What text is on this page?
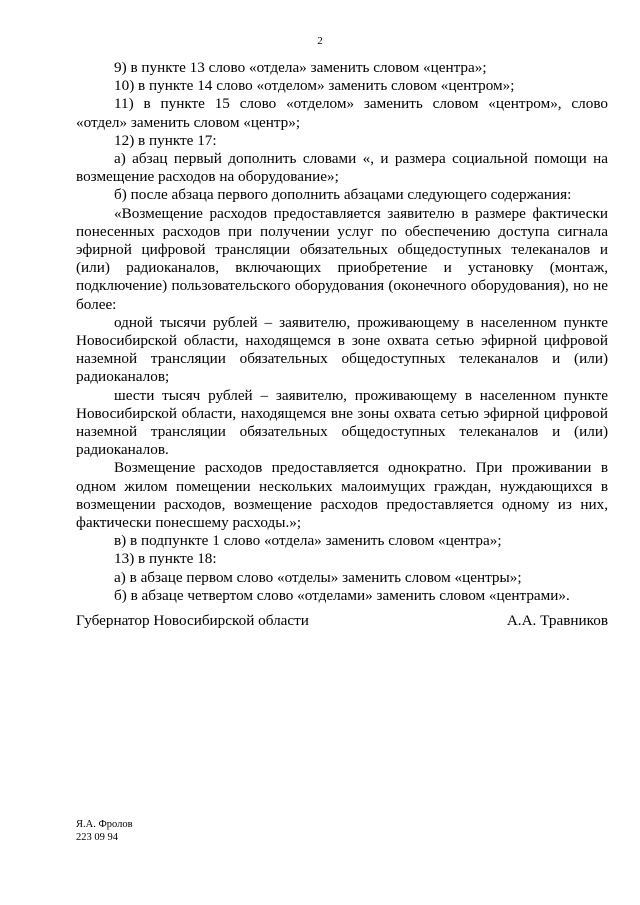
2

9) в пункте 13 слово «отдела» заменить словом «центра»;

10) в пункте 14 слово «отделом» заменить словом «центром»;

11) в пункте 15 слово «отделом» заменить словом «центром», слово «отдел» заменить словом «центр»;

12) в пункте 17:

а) абзац первый дополнить словами «, и размера социальной помощи на возмещение расходов на оборудование»;

б) после абзаца первого дополнить абзацами следующего содержания:

«Возмещение расходов предоставляется заявителю в размере фактически понесенных расходов при получении услуг по обеспечению доступа сигнала эфирной цифровой трансляции обязательных общедоступных телеканалов и (или) радиоканалов, включающих приобретение и установку (монтаж, подключение) пользовательского оборудования (оконечного оборудования), но не более:

одной тысячи рублей – заявителю, проживающему в населенном пункте Новосибирской области, находящемся в зоне охвата сетью эфирной цифровой наземной трансляции обязательных общедоступных телеканалов и (или) радиоканалов;

шести тысяч рублей – заявителю, проживающему в населенном пункте Новосибирской области, находящемся вне зоны охвата сетью эфирной цифровой наземной трансляции обязательных общедоступных телеканалов и (или) радиоканалов.

Возмещение расходов предоставляется однократно. При проживании в одном жилом помещении нескольких малоимущих граждан, нуждающихся в возмещении расходов, возмещение расходов предоставляется одному из них, фактически понесшему расходы.»;

в) в подпункте 1 слово «отдела» заменить словом «центра»;

13) в пункте 18:

а) в абзаце первом слово «отделы» заменить словом «центры»;

б) в абзаце четвертом слово «отделами» заменить словом «центрами».

Губернатор Новосибирской области	А.А. Травников
Я.А. Фролов
223 09 94
